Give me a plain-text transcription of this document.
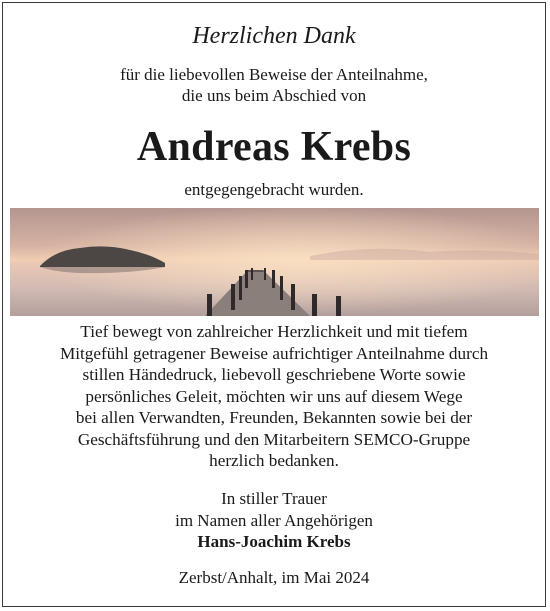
Herzlichen Dank
für die liebevollen Beweise der Anteilnahme,
die uns beim Abschied von
Andreas Krebs
entgegengebracht wurden.
Tief bewegt von zahlreicher Herzlichkeit und mit tiefem
Mitgefühl getragener Beweise aufrichtiger Anteilnahme durch
stillen Händedruck, liebevoll geschriebene Worte sowie
persönliches Geleit, möchten wir uns auf diesem Wege
bei allen Verwandten, Freunden, Bekannten sowie bei der
Geschäftsführung und den Mitarbeitern SEMCO-Gruppe
herzlich bedanken.
In stiller Trauer
im Namen aller Angehörigen
Hans-Joachim Krebs
Zerbst/Anhalt, im Mai 2024
